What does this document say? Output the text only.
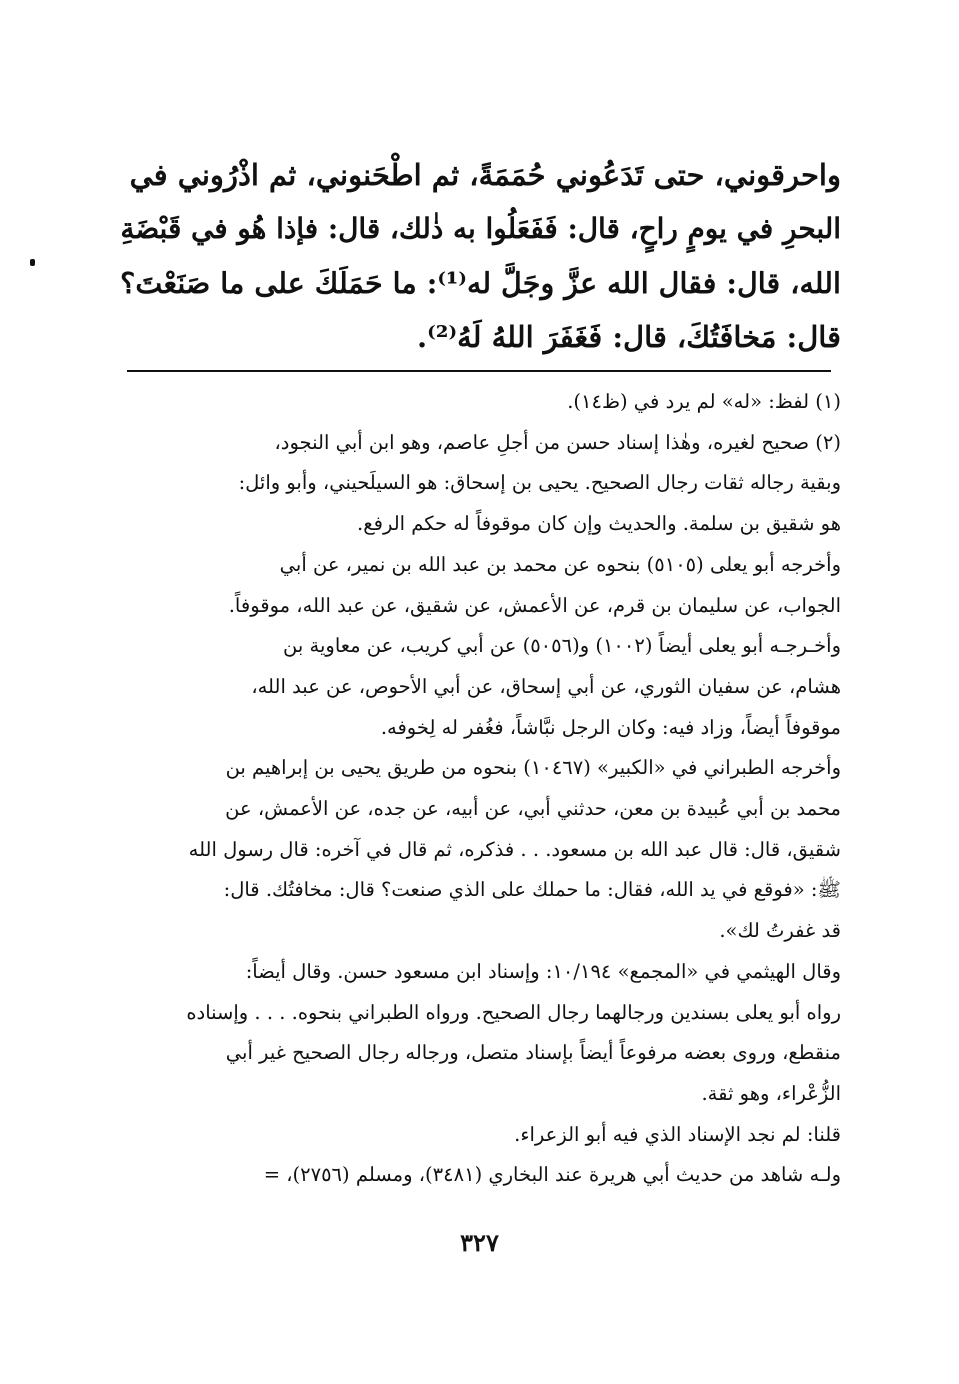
واحرقوني، حتى تَدَعُوني حُمَمَةً، ثم اطْحَنوني، ثم اذْرُوني في
البحرِ في يومٍ راحٍ، قال: فَفَعَلُوا به ذٰلك، قال: فإذا هُو في قَبْضَةِ
الله، قال: فقال الله عزَّ وجَلَّ له⁽¹⁾: ما حَمَلَكَ على ما صَنَعْتَ؟
قال: مَخافَتُكَ، قال: فَغَفَرَ اللهُ لَهُ⁽²⁾.
(١) لفظ: «له» لم يرد في (ظ١٤).
(٢) صحيح لغيره، وهٰذا إسناد حسن من أجلِ عاصم، وهو ابن أبي النجود،
وبقية رجاله ثقات رجال الصحيح. يحيى بن إسحاق: هو السيلَحيني، وأبو وائل:
هو شقيق بن سلمة. والحديث وإن كان موقوفاً له حكم الرفع.
وأخرجه أبو يعلى (٥١٠٥) بنحوه عن محمد بن عبد الله بن نمير، عن أبي
الجواب، عن سليمان بن قرم، عن الأعمش، عن شقيق، عن عبد الله، موقوفاً.
وأخـرجـه أبو يعلى أيضاً (١٠٠٢) و(٥٠٥٦) عن أبي كريب، عن معاوية بن
هشام، عن سفيان الثوري، عن أبي إسحاق، عن أبي الأحوص، عن عبد الله،
موقوفاً أيضاً، وزاد فيه: وكان الرجل نبَّاشاً، فغُفر له لِخوفه.
وأخرجه الطبراني في «الكبير» (١٠٤٦٧) بنحوه من طريق يحيى بن إبراهيم بن
محمد بن أبي عُبيدة بن معن، حدثني أبي، عن أبيه، عن جده، عن الأعمش، عن
شقيق، قال: قال عبد الله بن مسعود. . . فذكره، ثم قال في آخره: قال رسول الله
ﷺ: «فوقع في يد الله، فقال: ما حملك على الذي صنعت؟ قال: مخافتُك. قال:
قد غفرتُ لك».
وقال الهيثمي في «المجمع» ١٠/١٩٤: وإسناد ابن مسعود حسن. وقال أيضاً:
رواه أبو يعلى بسندين ورجالهما رجال الصحيح. ورواه الطبراني بنحوه. . . . وإسناده
منقطع، وروى بعضه مرفوعاً أيضاً بإسناد متصل، ورجاله رجال الصحيح غير أبي
الزُّعْراء، وهو ثقة.
قلنا: لم نجد الإسناد الذي فيه أبو الزعراء.
ولـه شاهد من حديث أبي هريرة عند البخاري (٣٤٨١)، ومسلم (٢٧٥٦)، =
٣٢٧
